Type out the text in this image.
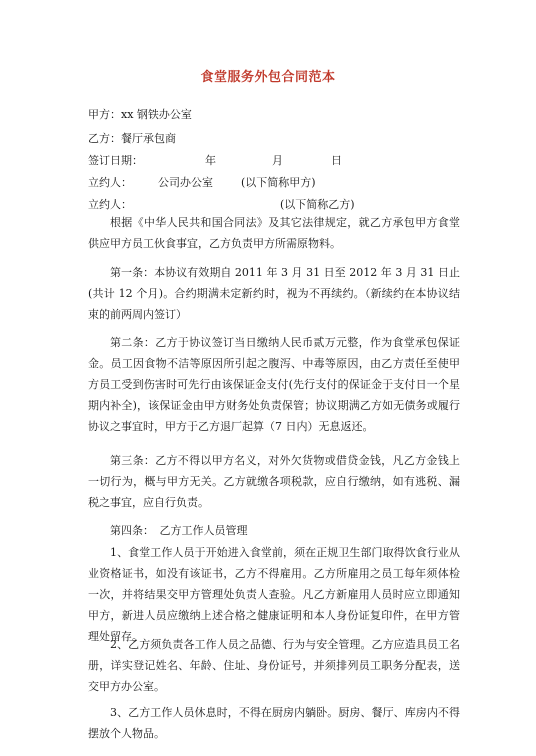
食堂服务外包合同范本
甲方：xx 钢铁办公室
乙方：餐厅承包商
签订日期：	年	月	日
立约人： 公司办公室	(以下简称甲方)
立约人：	(以下简称乙方)
根据《中华人民共和国合同法》及其它法律规定，就乙方承包甲方食堂供应甲方员工伙食事宜，乙方负责甲方所需原物料。
第一条：本协议有效期自 2011 年 3 月 31 日至 2012 年 3 月 31 日止(共计 12 个月)。合约期满未定新约时，视为不再续约。（新续约在本协议结束的前两周内签订）
第二条：乙方于协议签订当日缴纳人民币贰万元整，作为食堂承包保证金。员工因食物不洁等原因所引起之腹泻、中毒等原因，由乙方责任至使甲方员工受到伤害时可先行由该保证金支付(先行支付的保证金于支付日一个星期内补全)，该保证金由甲方财务处负责保管；协议期满乙方如无债务或履行协议之事宜时，甲方于乙方退厂起算（7 日内）无息返还。
第三条：乙方不得以甲方名义，对外欠货物或借贷金钱，凡乙方金钱上一切行为，概与甲方无关。乙方就缴各项税款，应自行缴纳，如有逃税、漏税之事宜，应自行负责。
第四条：　乙方工作人员管理
1、食堂工作人员于开始进入食堂前，须在正规卫生部门取得饮食行业从业资格证书，如没有该证书，乙方不得雇用。乙方所雇用之员工每年须体检一次，并将结果交甲方管理处负责人查验。凡乙方新雇用人员时应立即通知甲方，新进人员应缴纳上述合格之健康证明和本人身份证复印件，在甲方管理处留存。
2、乙方须负责各工作人员之品德、行为与安全管理。乙方应造具员工名册，详实登记姓名、年龄、住址、身份证号，并须排列员工职务分配表，送交甲方办公室。
3、乙方工作人员休息时，不得在厨房内躺卧。厨房、餐厅、库房内不得摆放个人物品。
